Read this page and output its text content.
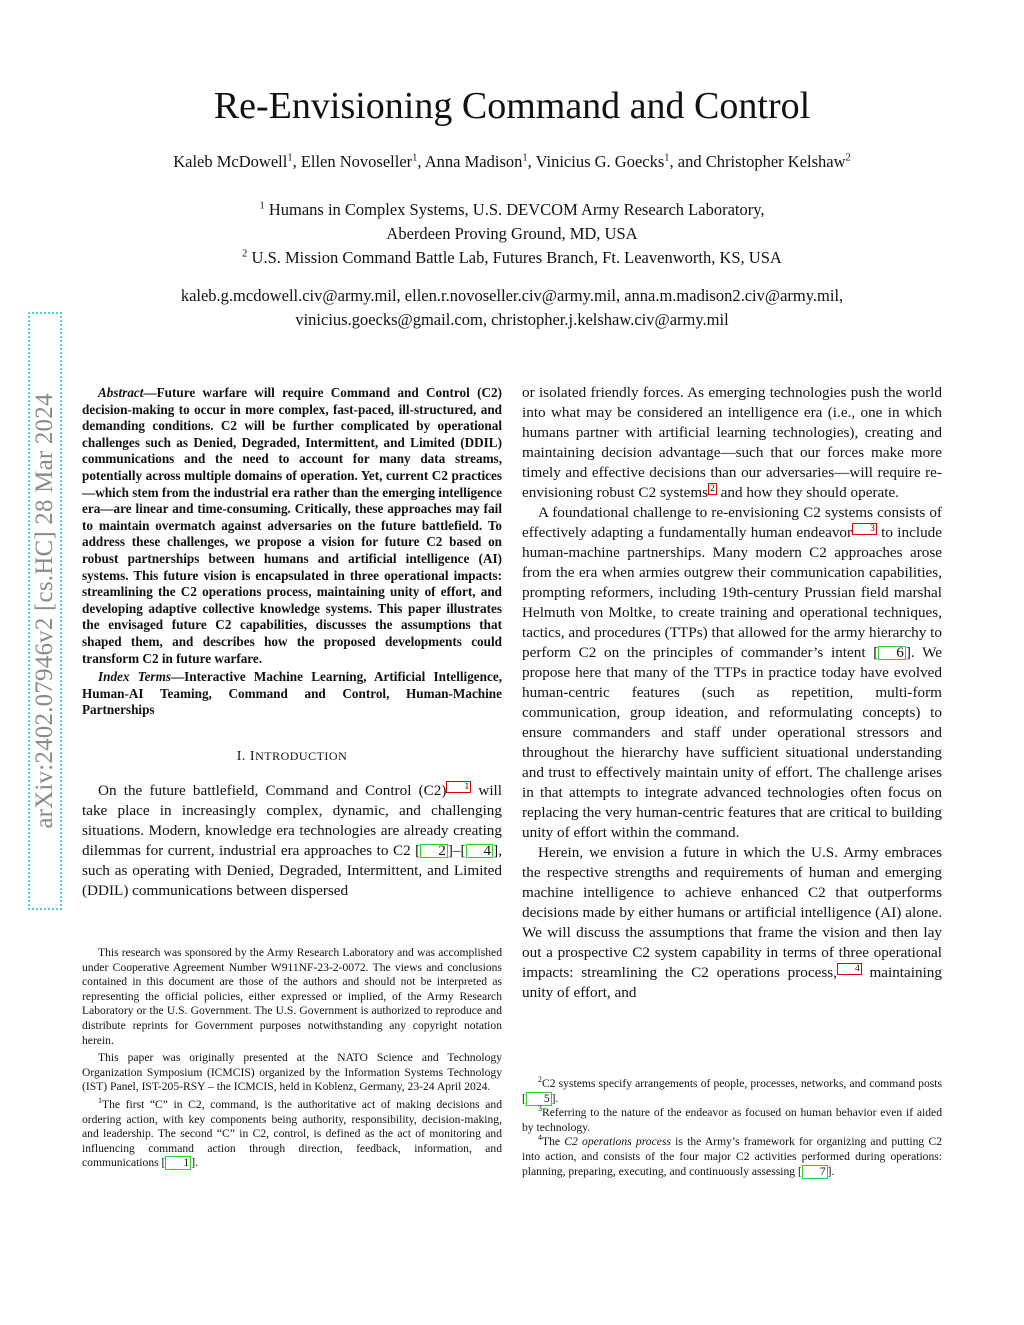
arXiv:2402.07946v2 [cs.HC] 28 Mar 2024
Re-Envisioning Command and Control
Kaleb McDowell$^1$, Ellen Novoseller$^1$, Anna Madison$^1$, Vinicius G. Goecks$^1$, and Christopher Kelshaw$^2$
$^1$ Humans in Complex Systems, U.S. DEVCOM Army Research Laboratory,
Aberdeen Proving Ground, MD, USA
$^2$ U.S. Mission Command Battle Lab, Futures Branch, Ft. Leavenworth, KS, USA
kaleb.g.mcdowell.civ@army.mil, ellen.r.novoseller.civ@army.mil, anna.m.madison2.civ@army.mil,
vinicius.goecks@gmail.com, christopher.j.kelshaw.civ@army.mil

Abstract—Future warfare will require Command and Control (C2) decision-making to occur in more complex, fast-paced, ill-structured, and demanding conditions. C2 will be further complicated by operational challenges such as Denied, Degraded, Intermittent, and Limited (DDIL) communications and the need to account for many data streams, potentially across multiple domains of operation. Yet, current C2 practices—which stem from the industrial era rather than the emerging intelligence era—are linear and time-consuming. Critically, these approaches may fail to maintain overmatch against adversaries on the future battlefield. To address these challenges, we propose a vision for future C2 based on robust partnerships between humans and artificial intelligence (AI) systems. This future vision is encapsulated in three operational impacts: streamlining the C2 operations process, maintaining unity of effort, and developing adaptive collective knowledge systems. This paper illustrates the envisaged future C2 capabilities, discusses the assumptions that shaped them, and describes how the proposed developments could transform C2 in future warfare.

Index Terms—Interactive Machine Learning, Artificial Intelligence, Human-AI Teaming, Command and Control, Human-Machine Partnerships

I. INTRODUCTION

On the future battlefield, Command and Control (C2) 1 will take place in increasingly complex, dynamic, and challenging situations. Modern, knowledge era technologies are already creating dilemmas for current, industrial era approaches to C2 [ 2 ]–[ 4 ], such as operating with Denied, Degraded, Intermittent, and Limited (DDIL) communications between dispersed

This research was sponsored by the Army Research Laboratory and was accomplished under Cooperative Agreement Number W911NF-23-2-0072. The views and conclusions contained in this document are those of the authors and should not be interpreted as representing the official policies, either expressed or implied, of the Army Research Laboratory or the U.S. Government. The U.S. Government is authorized to reproduce and distribute reprints for Government purposes notwithstanding any copyright notation herein.

This paper was originally presented at the NATO Science and Technology Organization Symposium (ICMCIS) organized by the Information Systems Technology (IST) Panel, IST-205-RSY – the ICMCIS, held in Koblenz, Germany, 23-24 April 2024.

$^1$The first “C” in C2, command, is the authoritative act of making decisions and ordering action, with key components being authority, responsibility, decision-making, and leadership. The second “C” in C2, control, is defined as the act of monitoring and influencing command action through direction, feedback, information, and communications [ 1 ].

or isolated friendly forces. As emerging technologies push the world into what may be considered an intelligence era (i.e., one in which humans partner with artificial learning technologies), creating and maintaining decision advantage—such that our forces make more timely and effective decisions than our adversaries—will require re-envisioning robust C2 systems 2 and how they should operate.

A foundational challenge to re-envisioning C2 systems consists of effectively adapting a fundamentally human endeavor 3 to include human-machine partnerships. Many modern C2 approaches arose from the era when armies outgrew their communication capabilities, prompting reformers, including 19th-century Prussian field marshal Helmuth von Moltke, to create training and operational techniques, tactics, and procedures (TTPs) that allowed for the army hierarchy to perform C2 on the principles of commander’s intent [ 6 ]. We propose here that many of the TTPs in practice today have evolved human-centric features (such as repetition, multi-form communication, group ideation, and reformulating concepts) to ensure commanders and staff under operational stressors and throughout the hierarchy have sufficient situational understanding and trust to effectively maintain unity of effort. The challenge arises in that attempts to integrate advanced technologies often focus on replacing the very human-centric features that are critical to building unity of effort within the command.

Herein, we envision a future in which the U.S. Army embraces the respective strengths and requirements of human and emerging machine intelligence to achieve enhanced C2 that outperforms decisions made by either humans or artificial intelligence (AI) alone. We will discuss the assumptions that frame the vision and then lay out a prospective C2 system capability in terms of three operational impacts: streamlining the C2 operations process, 4 maintaining unity of effort, and

$^2$C2 systems specify arrangements of people, processes, networks, and command posts [ 5 ].

$^3$Referring to the nature of the endeavor as focused on human behavior even if aided by technology.

$^4$The C2 operations process is the Army’s framework for organizing and putting C2 into action, and consists of the four major C2 activities performed during operations: planning, preparing, executing, and continuously assessing [ 7 ].
